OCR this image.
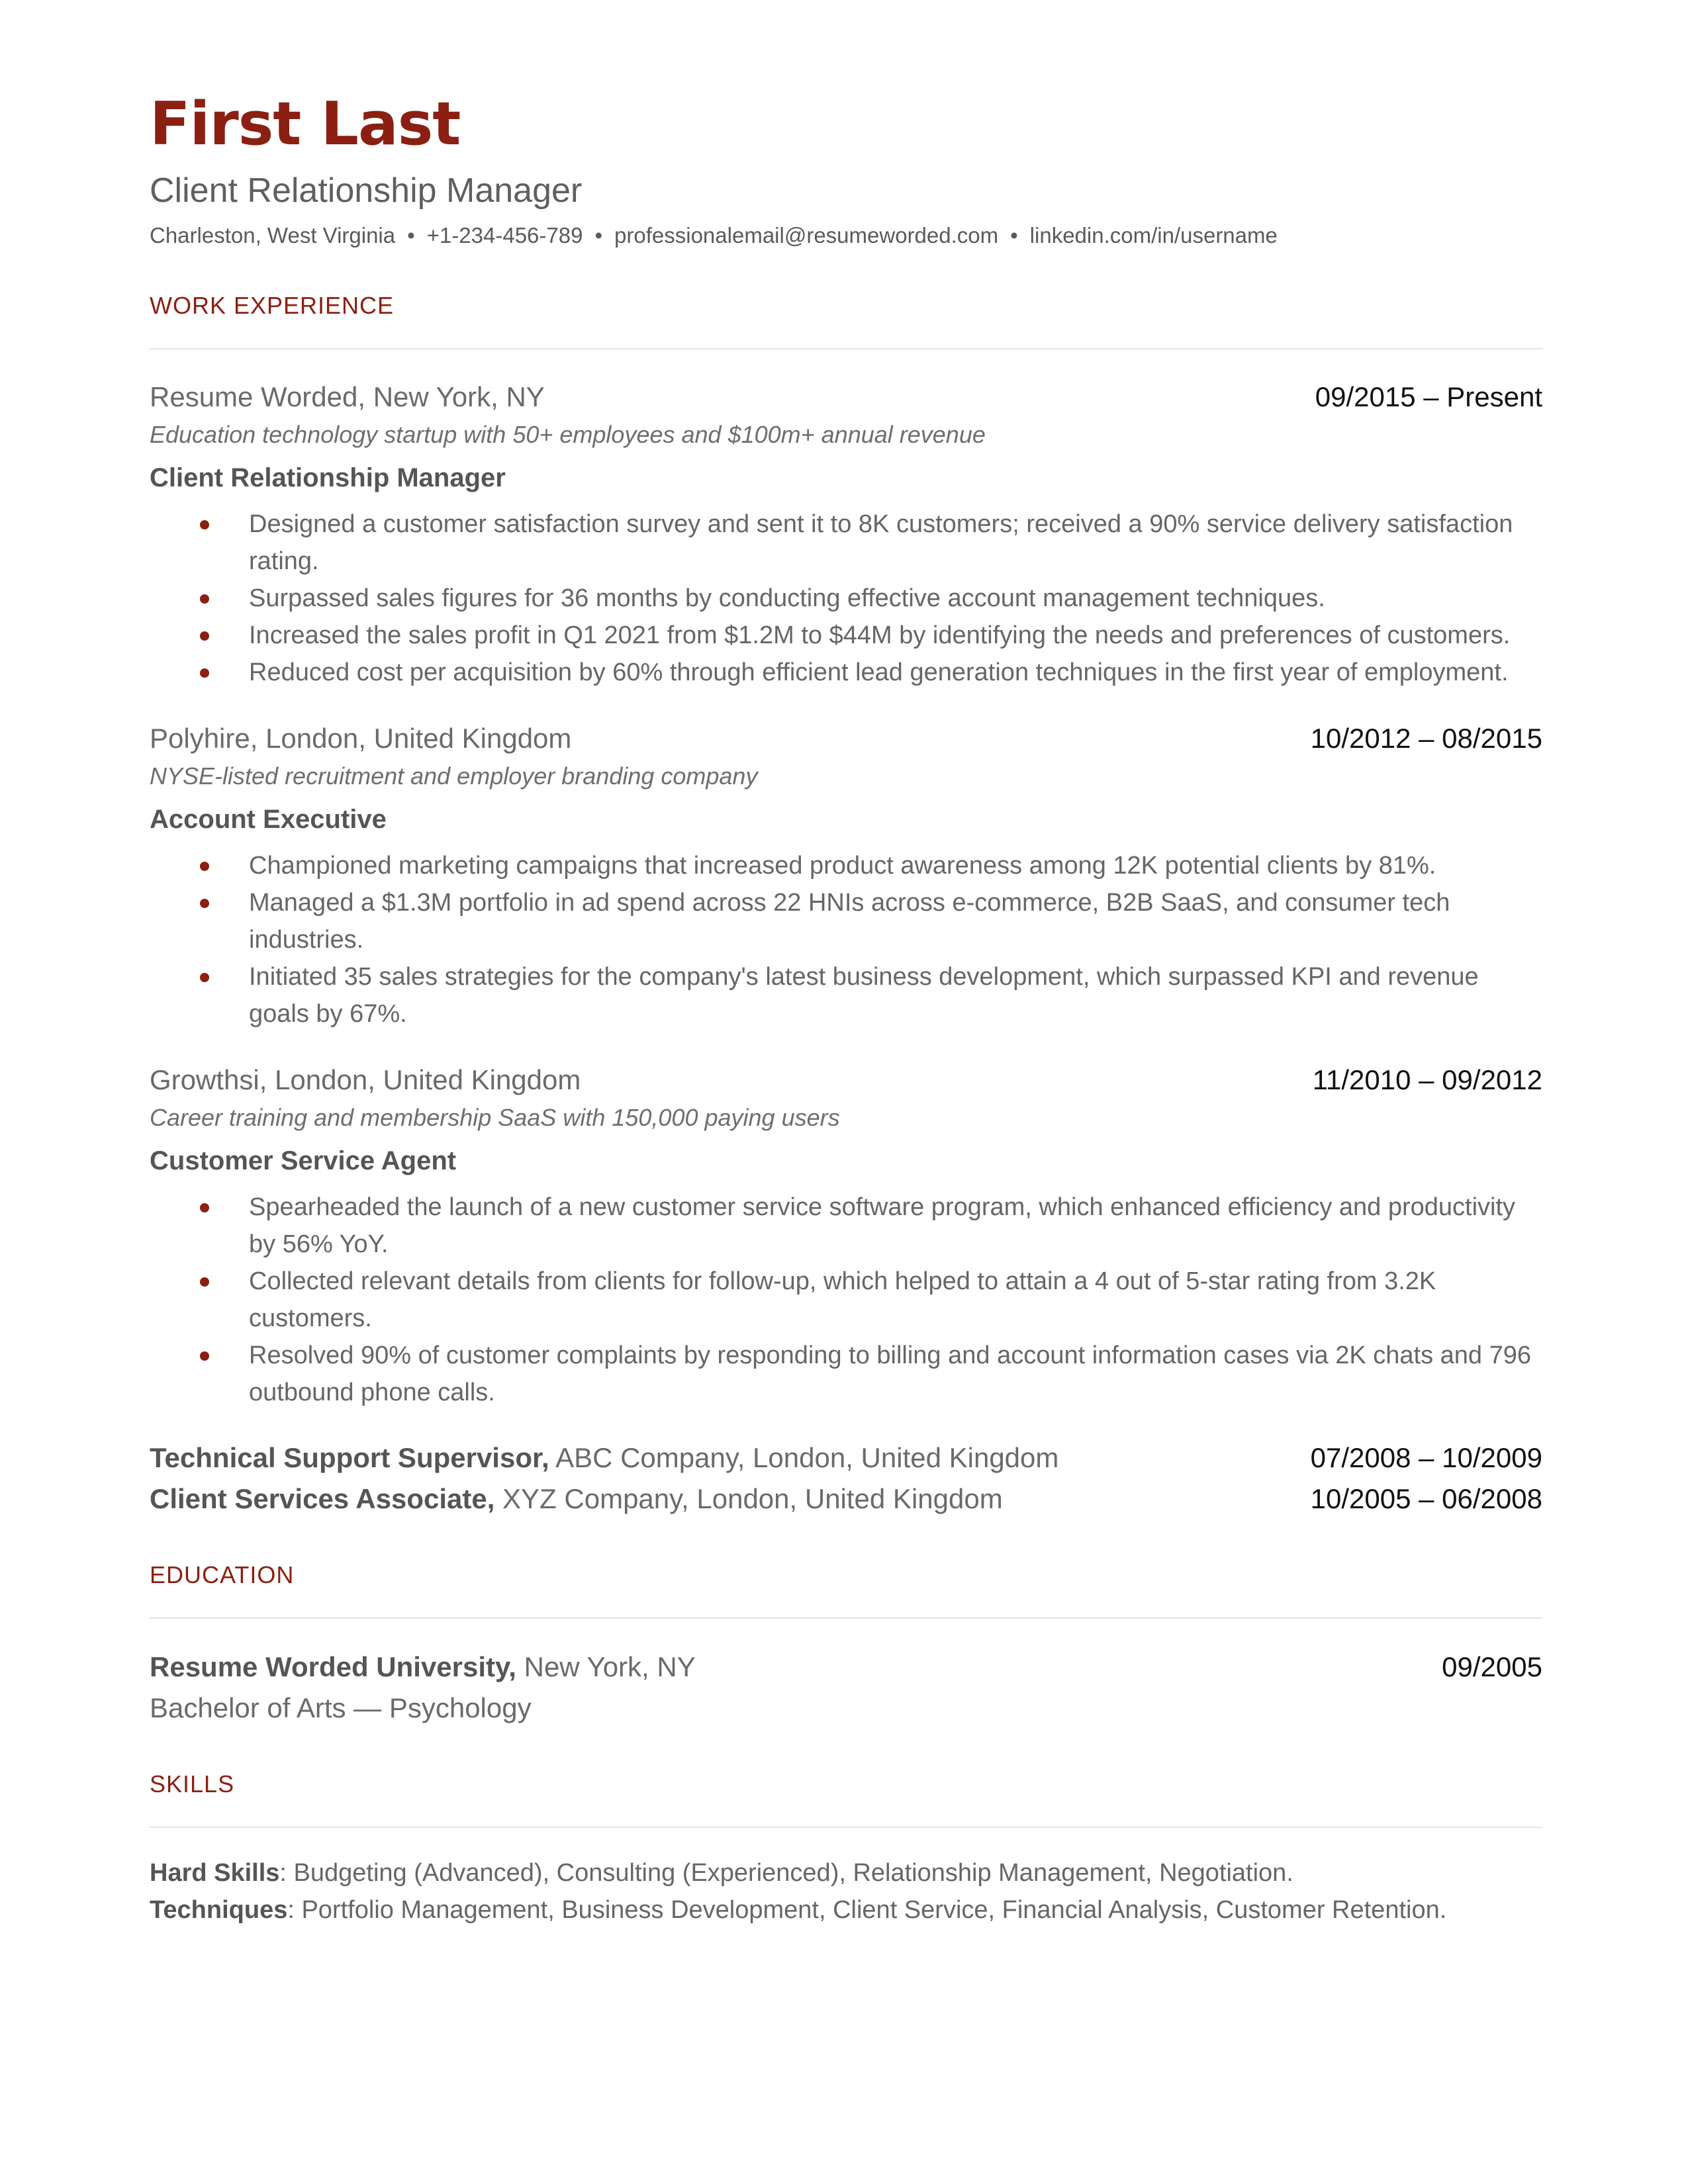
First Last
Client Relationship Manager
Charleston, West Virginia • +1-234-456-789 • professionalemail@resumeworded.com • linkedin.com/in/username
WORK EXPERIENCE
Resume Worded, New York, NY	09/2015 – Present
Education technology startup with 50+ employees and $100m+ annual revenue
Client Relationship Manager
Designed a customer satisfaction survey and sent it to 8K customers; received a 90% service delivery satisfaction rating.
Surpassed sales figures for 36 months by conducting effective account management techniques.
Increased the sales profit in Q1 2021 from $1.2M to $44M by identifying the needs and preferences of customers.
Reduced cost per acquisition by 60% through efficient lead generation techniques in the first year of employment.
Polyhire, London, United Kingdom	10/2012 – 08/2015
NYSE-listed recruitment and employer branding company
Account Executive
Championed marketing campaigns that increased product awareness among 12K potential clients by 81%.
Managed a $1.3M portfolio in ad spend across 22 HNIs across e-commerce, B2B SaaS, and consumer tech industries.
Initiated 35 sales strategies for the company's latest business development, which surpassed KPI and revenue goals by 67%.
Growthsi, London, United Kingdom	11/2010 – 09/2012
Career training and membership SaaS with 150,000 paying users
Customer Service Agent
Spearheaded the launch of a new customer service software program, which enhanced efficiency and productivity by 56% YoY.
Collected relevant details from clients for follow-up, which helped to attain a 4 out of 5-star rating from 3.2K customers.
Resolved 90% of customer complaints by responding to billing and account information cases via 2K chats and 796 outbound phone calls.
Technical Support Supervisor, ABC Company, London, United Kingdom	07/2008 – 10/2009
Client Services Associate, XYZ Company, London, United Kingdom	10/2005 – 06/2008
EDUCATION
Resume Worded University, New York, NY	09/2005
Bachelor of Arts — Psychology
SKILLS
Hard Skills: Budgeting (Advanced), Consulting (Experienced), Relationship Management, Negotiation.
Techniques: Portfolio Management, Business Development, Client Service, Financial Analysis, Customer Retention.
